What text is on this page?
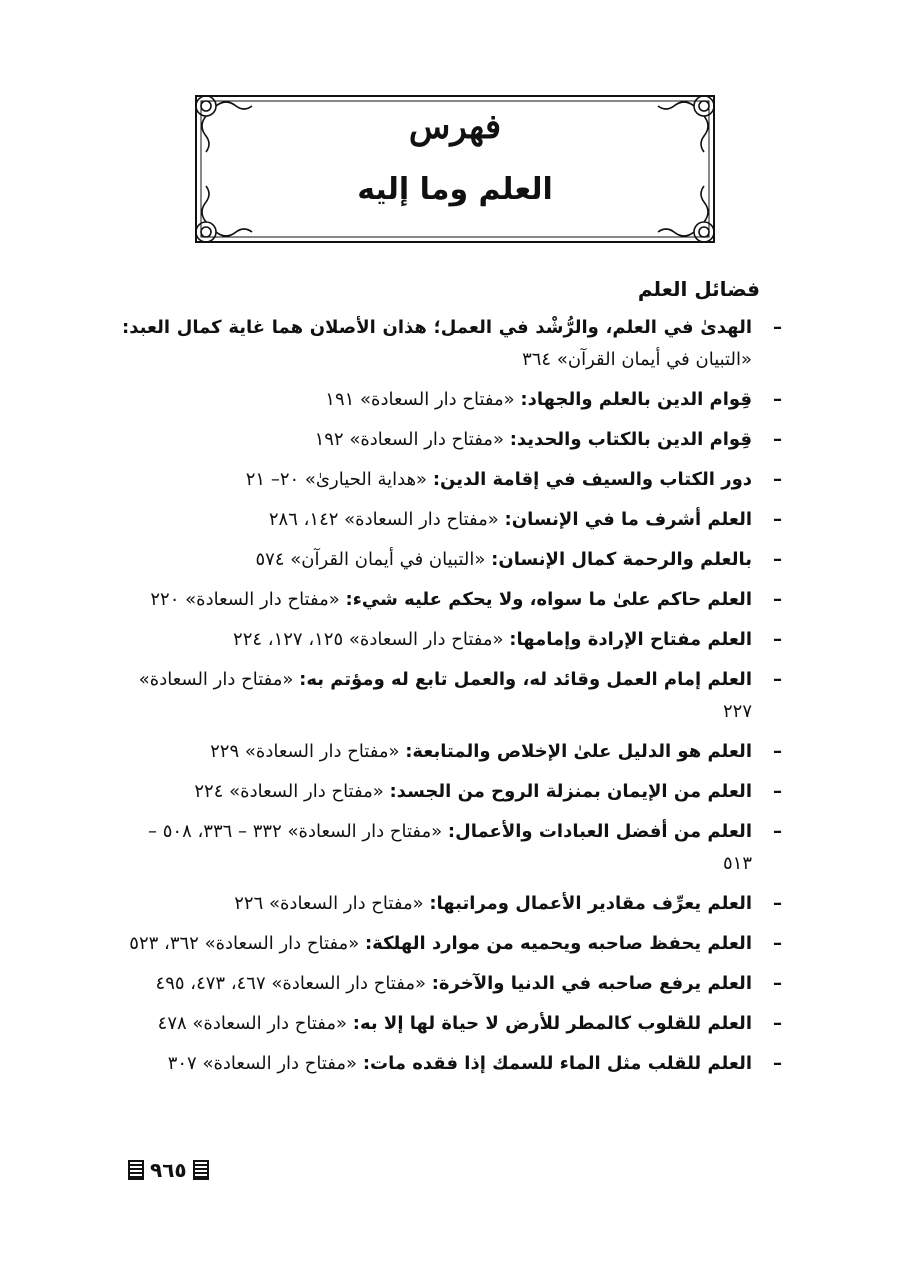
فهرس
العلم وما إليه
فضائل العلم
–
الهدىٰ في العلم، والرُّشْد في العمل؛ هذان الأصلان هما غاية كمال العبد: «التبيان في أيمان القرآن» ٣٦٤
–
قِوام الدين بالعلم والجهاد: «مفتاح دار السعادة» ١٩١
–
قِوام الدين بالكتاب والحديد: «مفتاح دار السعادة» ١٩٢
–
دور الكتاب والسيف في إقامة الدين: «هداية الحيارىٰ» ٢٠– ٢١
–
العلم أشرف ما في الإنسان: «مفتاح دار السعادة» ١٤٢، ٢٨٦
–
بالعلم والرحمة كمال الإنسان: «التبيان في أيمان القرآن» ٥٧٤
–
العلم حاكم علىٰ ما سواه، ولا يحكم عليه شيء: «مفتاح دار السعادة» ٢٢٠
–
العلم مفتاح الإرادة وإمامها: «مفتاح دار السعادة» ١٢٥، ١٢٧، ٢٢٤
–
العلم إمام العمل وقائد له، والعمل تابع له ومؤتم به: «مفتاح دار السعادة» ٢٢٧
–
العلم هو الدليل علىٰ الإخلاص والمتابعة: «مفتاح دار السعادة» ٢٢٩
–
العلم من الإيمان بمنزلة الروح من الجسد: «مفتاح دار السعادة» ٢٢٤
–
العلم من أفضل العبادات والأعمال: «مفتاح دار السعادة» ٣٣٢ – ٣٣٦، ٥٠٨ – ٥١٣
–
العلم يعرِّف مقادير الأعمال ومراتبها: «مفتاح دار السعادة» ٢٢٦
–
العلم يحفظ صاحبه ويحميه من موارد الهلكة: «مفتاح دار السعادة» ٣٦٢، ٥٢٣
–
العلم يرفع صاحبه في الدنيا والآخرة: «مفتاح دار السعادة» ٤٦٧، ٤٧٣، ٤٩٥
–
العلم للقلوب كالمطر للأرض لا حياة لها إلا به: «مفتاح دار السعادة» ٤٧٨
–
العلم للقلب مثل الماء للسمك إذا فقده مات: «مفتاح دار السعادة» ٣٠٧
٩٦٥
